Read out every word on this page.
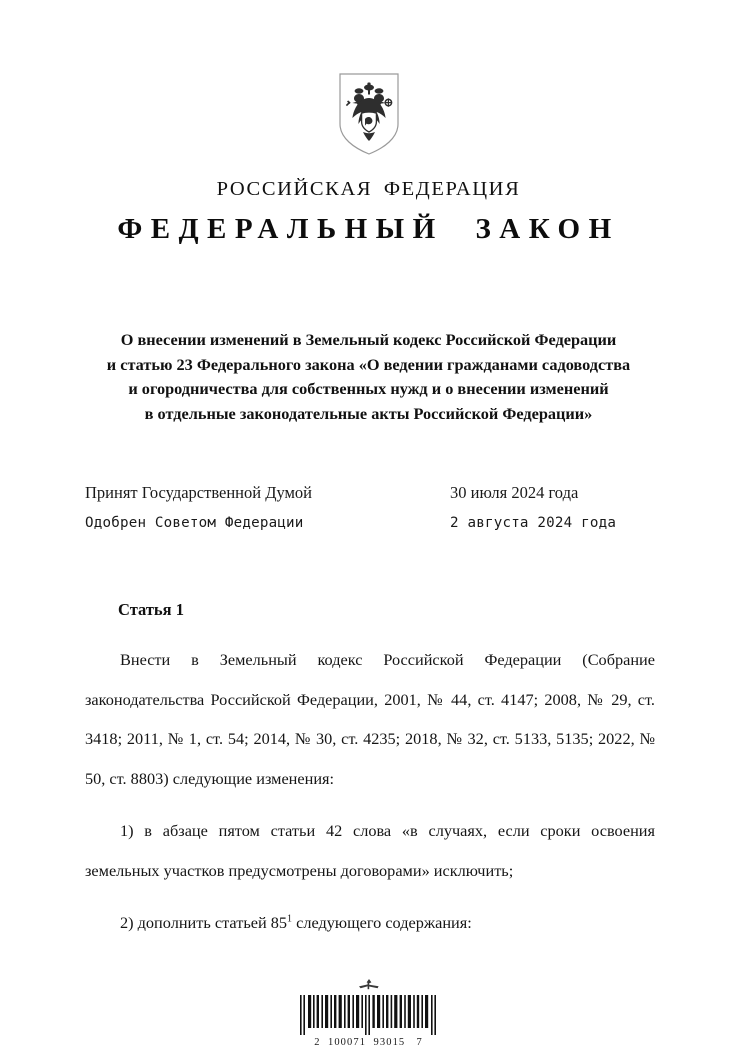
РОССИЙСКАЯ ФЕДЕРАЦИЯ
ФЕДЕРАЛЬНЫЙ ЗАКОН
О внесении изменений в Земельный кодекс Российской Федерации
и статью 23 Федерального закона «О ведении гражданами садоводства
и огородничества для собственных нужд и о внесении изменений
в отдельные законодательные акты Российской Федерации»
Принят Государственной Думой	30 июля 2024 года
Одобрен Советом Федерации	2 августа 2024 года
Статья 1

Внести в Земельный кодекс Российской Федерации (Собрание законодательства Российской Федерации, 2001, № 44, ст. 4147; 2008, № 29, ст. 3418; 2011, № 1, ст. 54; 2014, № 30, ст. 4235; 2018, № 32, ст. 5133, 5135; 2022, № 50, ст. 8803) следующие изменения:

1) в абзаце пятом статьи 42 слова «в случаях, если сроки освоения земельных участков предусмотрены договорами» исключить;

2) дополнить статьей $85^1$ следующего содержания:

2  100071  93015   7
